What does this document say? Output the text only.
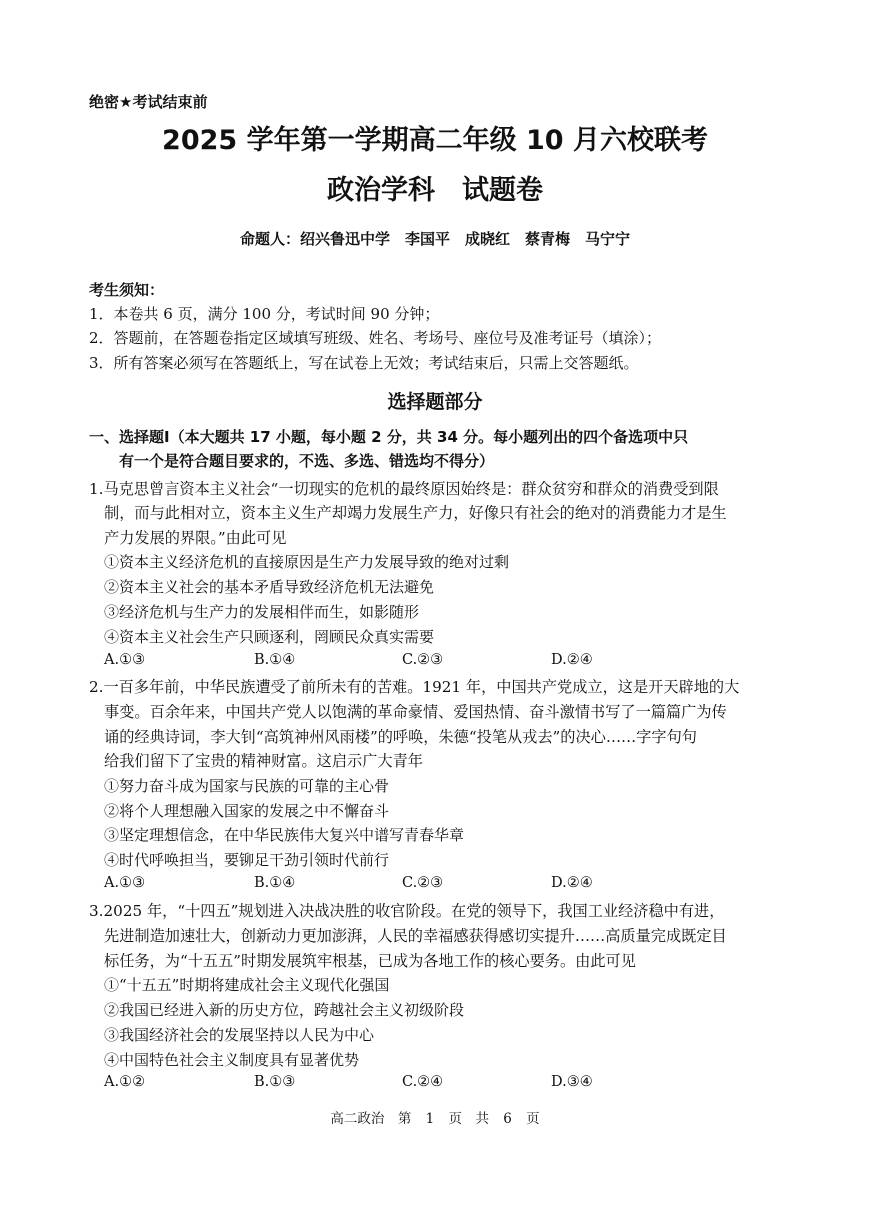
绝密★考试结束前
2025 学年第一学期高二年级 10 月六校联考
政治学科　试题卷
命题人：绍兴鲁迅中学　李国平　成晓红　蔡青梅　马宁宁
考生须知：
1．本卷共 6 页，满分 100 分，考试时间 90 分钟；
2．答题前，在答题卷指定区域填写班级、姓名、考场号、座位号及准考证号（填涂）；
3．所有答案必须写在答题纸上，写在试卷上无效；考试结束后，只需上交答题纸。
选择题部分
一、选择题Ⅰ（本大题共 17 小题，每小题 2 分，共 34 分。每小题列出的四个备选项中只
有一个是符合题目要求的，不选、多选、错选均不得分）
1.马克思曾言资本主义社会“一切现实的危机的最终原因始终是：群众贫穷和群众的消费受到限
制，而与此相对立，资本主义生产却竭力发展生产力，好像只有社会的绝对的消费能力才是生
产力发展的界限。”由此可见
①资本主义经济危机的直接原因是生产力发展导致的绝对过剩
②资本主义社会的基本矛盾导致经济危机无法避免
③经济危机与生产力的发展相伴而生，如影随形
④资本主义社会生产只顾逐利，罔顾民众真实需要
A.①③	B.①④	C.②③	D.②④
2.一百多年前，中华民族遭受了前所未有的苦难。1921 年，中国共产党成立，这是开天辟地的大
事变。百余年来，中国共产党人以饱满的革命豪情、爱国热情、奋斗激情书写了一篇篇广为传
诵的经典诗词，李大钊“高筑神州风雨楼”的呼唤，朱德“投笔从戎去”的决心……字字句句
给我们留下了宝贵的精神财富。这启示广大青年
①努力奋斗成为国家与民族的可靠的主心骨
②将个人理想融入国家的发展之中不懈奋斗
③坚定理想信念，在中华民族伟大复兴中谱写青春华章
④时代呼唤担当，要铆足干劲引领时代前行
A.①③	B.①④	C.②③	D.②④
3.2025 年，“十四五”规划进入决战决胜的收官阶段。在党的领导下，我国工业经济稳中有进，
先进制造加速壮大，创新动力更加澎湃，人民的幸福感获得感切实提升……高质量完成既定目
标任务，为“十五五”时期发展筑牢根基，已成为各地工作的核心要务。由此可见
①“十五五”时期将建成社会主义现代化强国
②我国已经进入新的历史方位，跨越社会主义初级阶段
③我国经济社会的发展坚持以人民为中心
④中国特色社会主义制度具有显著优势
A.①②	B.①③	C.②④	D.③④
高二政治　第 1 页　共 6 页
